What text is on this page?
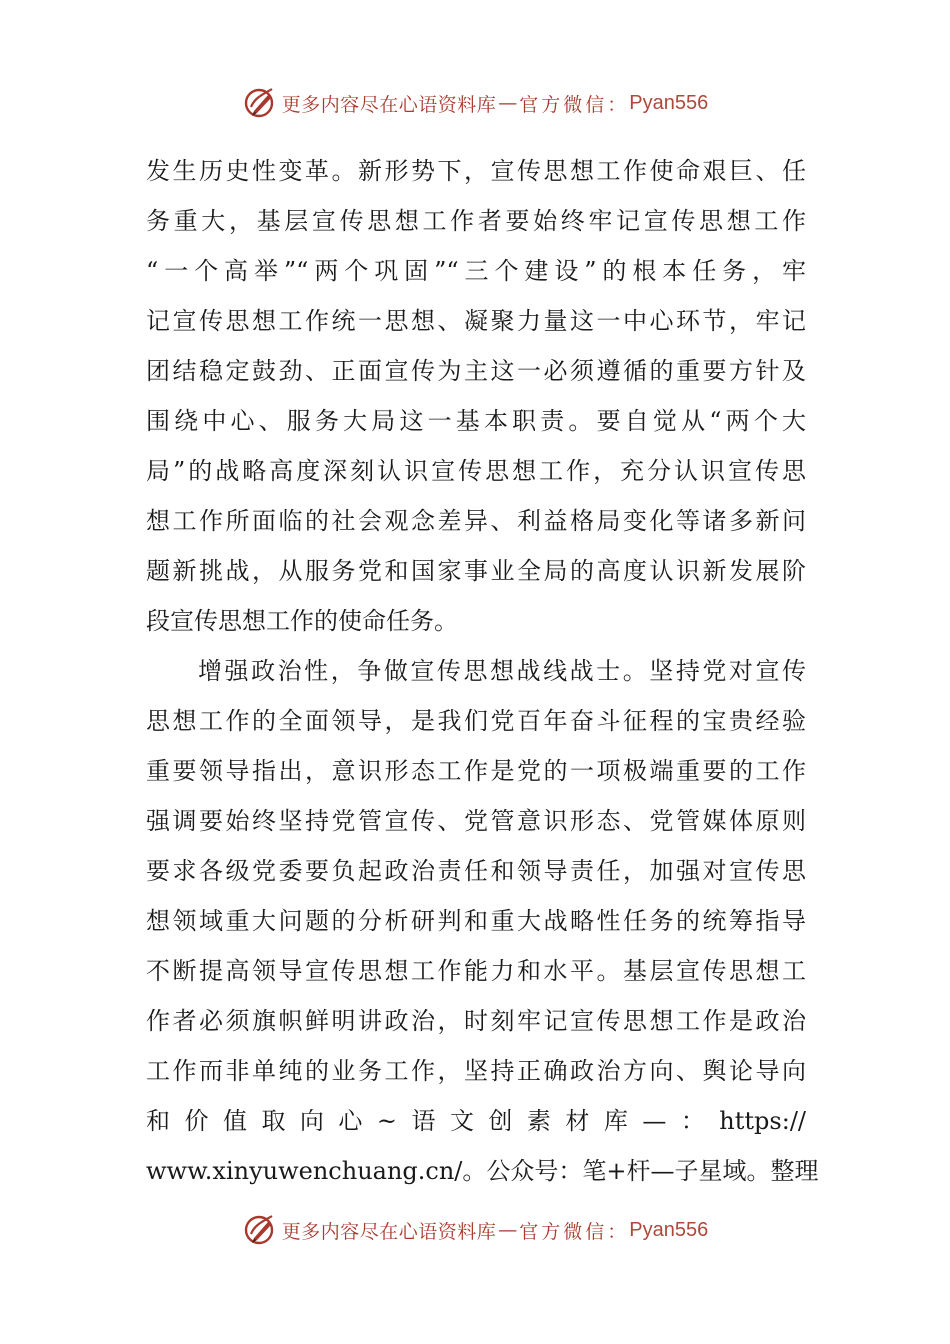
更多内容尽在心语资料库 — 官方微信： Pyan556
发生历史性变革。新形势下，宣传思想工作使命艰巨、任
务重大，基层宣传思想工作者要始终牢记宣传思想工作
“一个高举”“两个巩固”“三个建设”的根本任务，牢
记宣传思想工作统一思想、凝聚力量这一中心环节，牢记
团结稳定鼓劲、正面宣传为主这一必须遵循的重要方针及
围绕中心、服务大局这一基本职责。要自觉从“两个大
局”的战略高度深刻认识宣传思想工作，充分认识宣传思
想工作所面临的社会观念差异、利益格局变化等诸多新问
题新挑战，从服务党和国家事业全局的高度认识新发展阶
段宣传思想工作的使命任务。
增强政治性，争做宣传思想战线战士。坚持党对宣传
思想工作的全面领导，是我们党百年奋斗征程的宝贵经验
重要领导指出，意识形态工作是党的一项极端重要的工作
强调要始终坚持党管宣传、党管意识形态、党管媒体原则
要求各级党委要负起政治责任和领导责任，加强对宣传思
想领域重大问题的分析研判和重大战略性任务的统筹指导
不断提高领导宣传思想工作能力和水平。基层宣传思想工
作者必须旗帜鲜明讲政治，时刻牢记宣传思想工作是政治
工作而非单纯的业务工作，坚持正确政治方向、舆论导向
和价值取向心~语文创素材库—：https://
www.xinyuwenchuang.cn/。公众号：笔+杆—子星域。整理
更多内容尽在心语资料库 — 官方微信： Pyan556
